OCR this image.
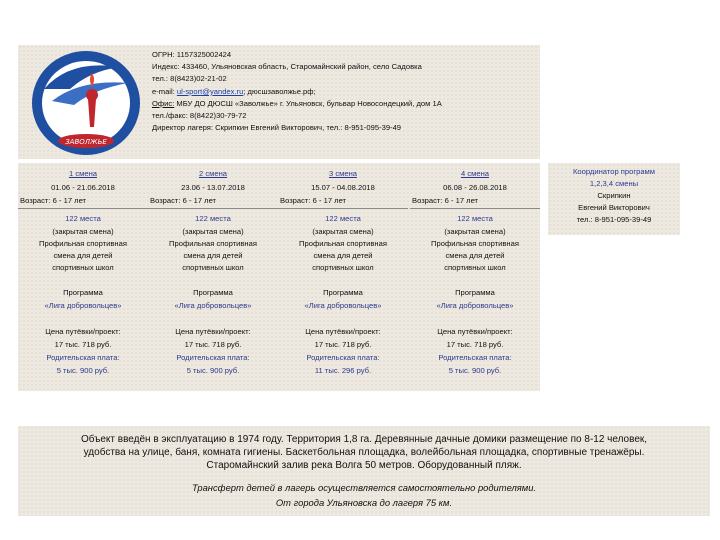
ЗАВОЛЖЬЕ
ОГРН: 1157325002424
Индекс: 433460, Ульяновская область, Старомайнский район, село Садовка
тел.: 8(8423)02-21-02
e-mail: ul-sport@yandex.ru; дюсшзаволжье.рф;
Офис: МБУ ДО ДЮСШ «Заволжье» г. Ульяновск, бульвар Новосондецкий, дом 1А
тел./факс: 8(8422)30-79-72
Директор лагеря: Скрипкин Евгений Викторович, тел.: 8-951-095-39-49
1 смена
01.06 - 21.06.2018
Возраст: 6 - 17 лет
122 места
(закрытая смена)
Профильная спортивная
смена для детей
спортивных школ
Программа
«Лига добровольцев»
Цена путёвки/проект:
17 тыс. 718 руб.
Родительская плата:
5 тыс. 900 руб.
2 смена
23.06 - 13.07.2018
Возраст: 6 - 17 лет
122 места
(закрытая смена)
Профильная спортивная
смена для детей
спортивных школ
Программа
«Лига добровольцев»
Цена путёвки/проект:
17 тыс. 718 руб.
Родительская плата:
5 тыс. 900 руб.
3 смена
15.07 - 04.08.2018
Возраст: 6 - 17 лет
122 места
(закрытая смена)
Профильная спортивная
смена для детей
спортивных школ
Программа
«Лига добровольцев»
Цена путёвки/проект:
17 тыс. 718 руб.
Родительская плата:
11 тыс. 296 руб.
4 смена
06.08 - 26.08.2018
Возраст: 6 - 17 лет
122 места
(закрытая смена)
Профильная спортивная
смена для детей
спортивных школ
Программа
«Лига добровольцев»
Цена путёвки/проект:
17 тыс. 718 руб.
Родительская плата:
5 тыс. 900 руб.
Координатор программ
1,2,3,4 смены
Скрипкин
Евгений Викторович
тел.: 8-951-095-39-49
Объект введён в эксплуатацию в 1974 году. Территория 1,8 га. Деревянные дачные домики размещение по 8-12 человек,
удобства на улице, баня, комната гигиены. Баскетбольная площадка, волейбольная площадка, спортивные тренажёры.
Старомайнский залив река Волга 50 метров. Оборудованный пляж.
Трансферт детей в лагерь осуществляется самостоятельно родителями.
От города Ульяновска до лагеря 75 км.
